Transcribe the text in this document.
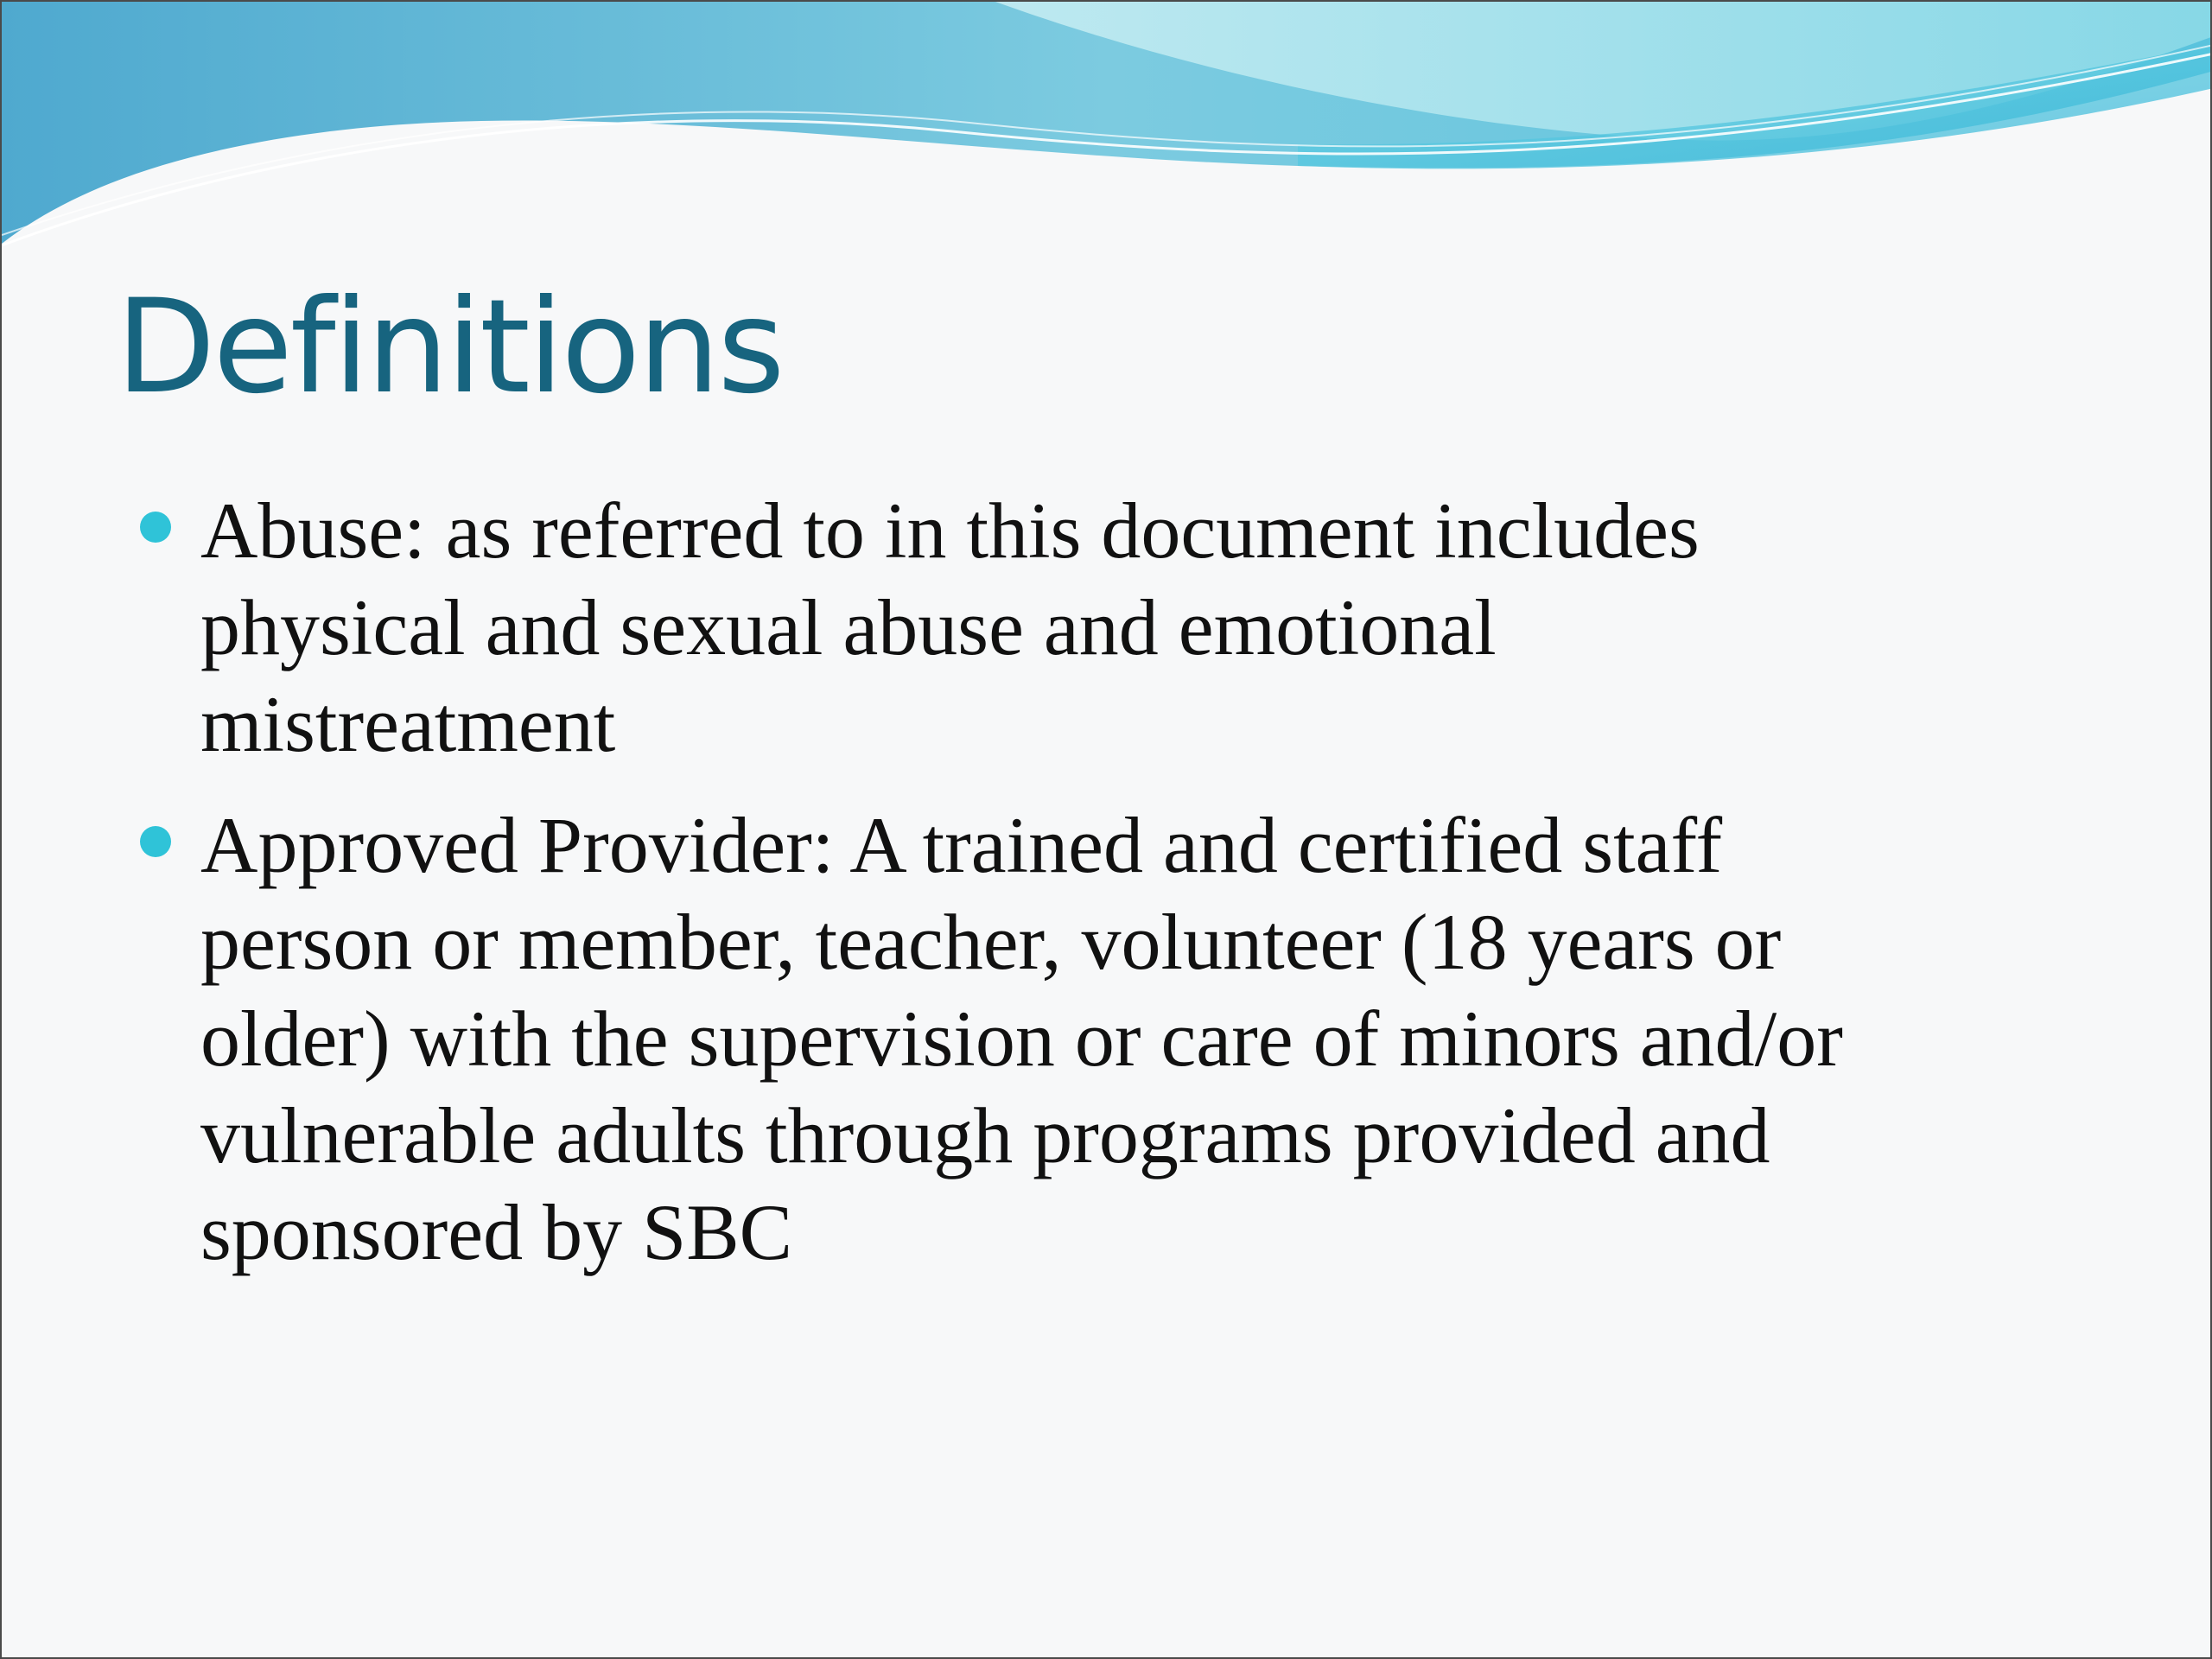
Definitions
Abuse: as referred to in this document includes
physical and sexual abuse and emotional
mistreatment
Approved Provider: A trained and certified staff
person or member, teacher, volunteer (18 years or
older) with the supervision or care of minors and/or
vulnerable adults through programs provided and
sponsored by SBC
